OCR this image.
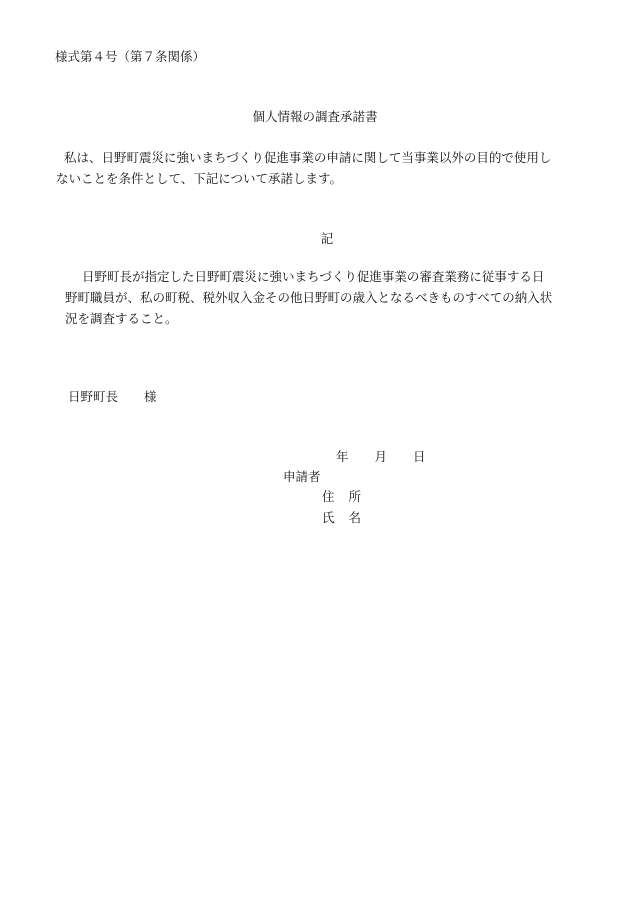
様式第４号（第７条関係）
個人情報の調査承諾書
私は、日野町震災に強いまちづくり促進事業の申請に関して当事業以外の目的で使用し
ないことを条件として、下記について承諾します。
記
日野町長が指定した日野町震災に強いまちづくり促進事業の審査業務に従事する日
野町職員が、私の町税、税外収入金その他日野町の歳入となるべきものすべての納入状
況を調査すること。
日野町長 様
年 月 日
申請者
住 所
氏 名
